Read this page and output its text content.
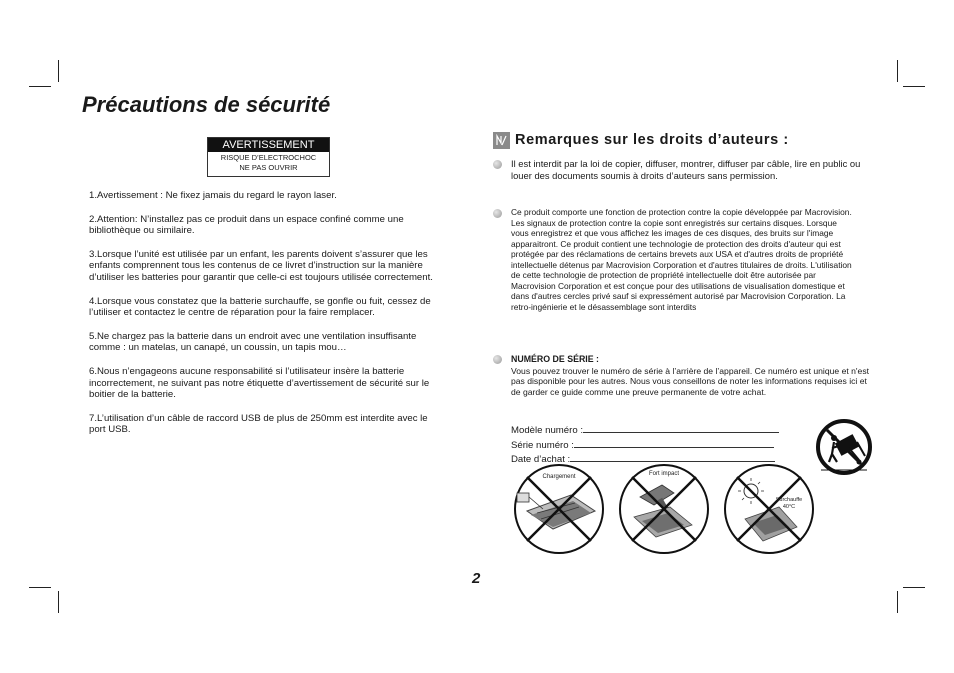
Précautions de sécurité
AVERTISSEMENT
RISQUE D’ELECTROCHOC
NE PAS OUVRIR

1.Avertissement : Ne fixez jamais du regard le rayon laser.

2.Attention: N’installez pas ce produit dans un espace confiné comme une bibliothèque ou similaire.

3.Lorsque l’unité est utilisée par un enfant, les parents doivent s’assurer que les enfants comprennent tous les contenus de ce livret d’instruction sur la manière d’utiliser les batteries pour garantir que celle-ci est toujours utilisée correctement.

4.Lorsque vous constatez que la batterie surchauffe, se gonfle ou fuit, cessez de l’utiliser et contactez le centre de réparation pour la faire remplacer.

5.Ne chargez pas la batterie dans un endroit avec une ventilation insuffisante comme : un matelas, un canapé, un coussin, un tapis mou…

6.Nous n’engageons aucune responsabilité si l’utilisateur insère la batterie incorrectement, ne suivant pas notre étiquette d’avertissement de sécurité sur le boitier de la batterie.

7.L’utilisation d’un câble de raccord USB de plus de 250mm est interdite avec le port USB.

Remarques sur les droits d’auteurs :
Il est interdit par la loi de copier, diffuser, montrer, diffuser par câble, lire en public ou louer des documents soumis à droits d’auteurs sans permission.
Ce produit comporte une fonction de protection contre la copie développée par Macrovision. Les signaux de protection contre la copie sont enregistrés sur certains disques. Lorsque vous enregistrez et que vous affichez les images de ces disques, des bruits sur l'image apparaitront. Ce produit contient une technologie de protection des droits d'auteur qui est protégée par des réclamations de certains brevets aux USA et d'autres droits de propriété intellectuelle détenus par Macrovision Corporation et d'autres titulaires de droits. L'utilisation de cette technologie de protection de propriété intellectuelle doit être autorisée par Macrovision Corporation et est conçue pour des utilisations de visualisation domestique et dans d'autres cercles privé sauf si expressément autorisé par Macrovision Corporation. La retro-ingénierie et le désassemblage sont interdits
NUMÉRO DE SÉRIE :
Vous pouvez trouver le numéro de série à l’arrière de l’appareil. Ce numéro est unique et n'est pas disponible pour les autres. Nous vous conseillons de noter les informations requises ici et de garder ce guide comme une preuve permanente de votre achat.
Modèle numéro :
Série numéro :
Date d’achat :
Chargement	Fort impact
Surchauffe
40°C
2
